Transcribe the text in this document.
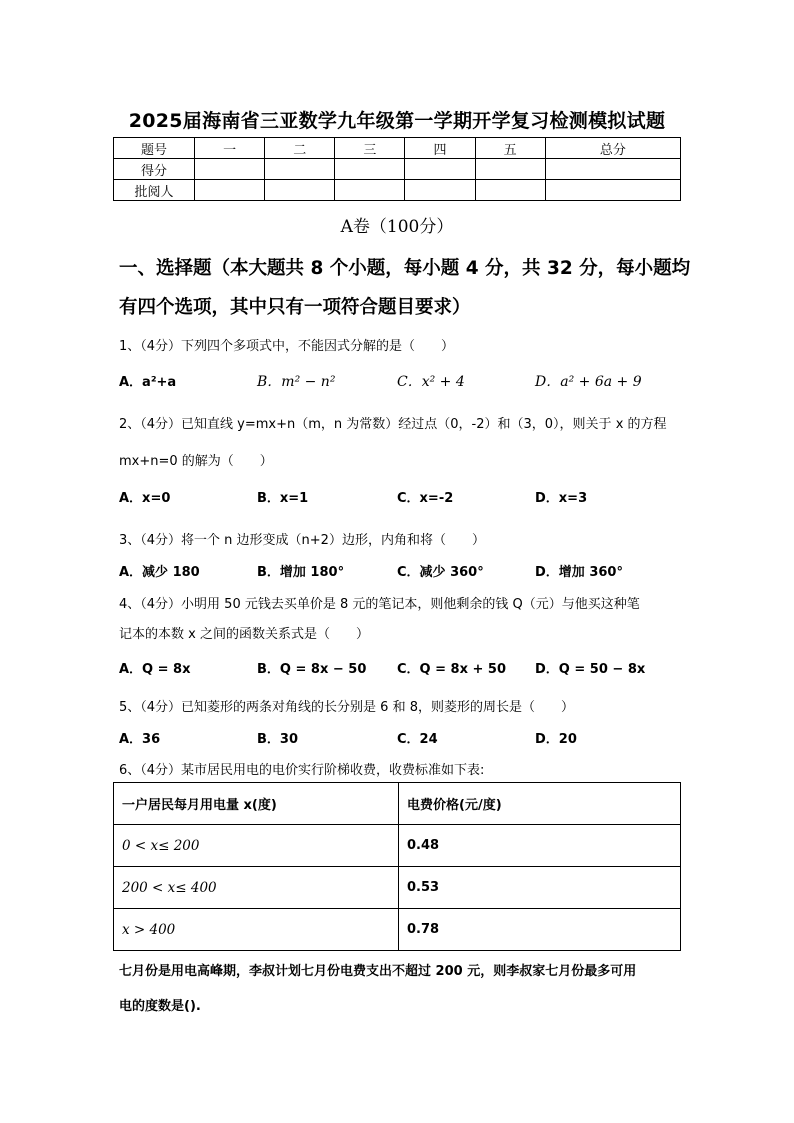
2025届海南省三亚数学九年级第一学期开学复习检测模拟试题
题号	一	二	三	四	五	总分
得分						
批阅人						
A卷（100分）
一、选择题（本大题共 8 个小题，每小题 4 分，共 32 分，每小题均
有四个选项，其中只有一项符合题目要求）
1、（4分）下列四个多项式中，不能因式分解的是（　　）
A．a²+a	B．m² − n²	C．x² + 4	D．a² + 6a + 9
2、（4分）已知直线 y=mx+n（m，n 为常数）经过点（0，-2）和（3，0），则关于 x 的方程
mx+n=0 的解为（　　）
A．x=0	B．x=1	C．x=-2	D．x=3
3、（4分）将一个 n 边形变成（n+2）边形，内角和将（　　）
A．减少 180	B．增加 180°	C．减少 360°	D．增加 360°
4、（4分）小明用 50 元钱去买单价是 8 元的笔记本，则他剩余的钱 Q（元）与他买这种笔
记本的本数 x 之间的函数关系式是（　　）
A．Q = 8x	B．Q = 8x − 50 C．Q = 8x + 50 D．Q = 50 − 8x
5、（4分）已知菱形的两条对角线的长分别是 6 和 8，则菱形的周长是（　　）
A．36	B．30	C．24	D．20
6、（4分）某市居民用电的电价实行阶梯收费，收费标准如下表:
一户居民每月用电量 x(度)	电费价格(元/度)
0 < x≤ 200	0.48
200 < x≤ 400	0.53
x > 400	0.78
七月份是用电高峰期，李叔计划七月份电费支出不超过 200 元，则李叔家七月份最多可用
电的度数是().
